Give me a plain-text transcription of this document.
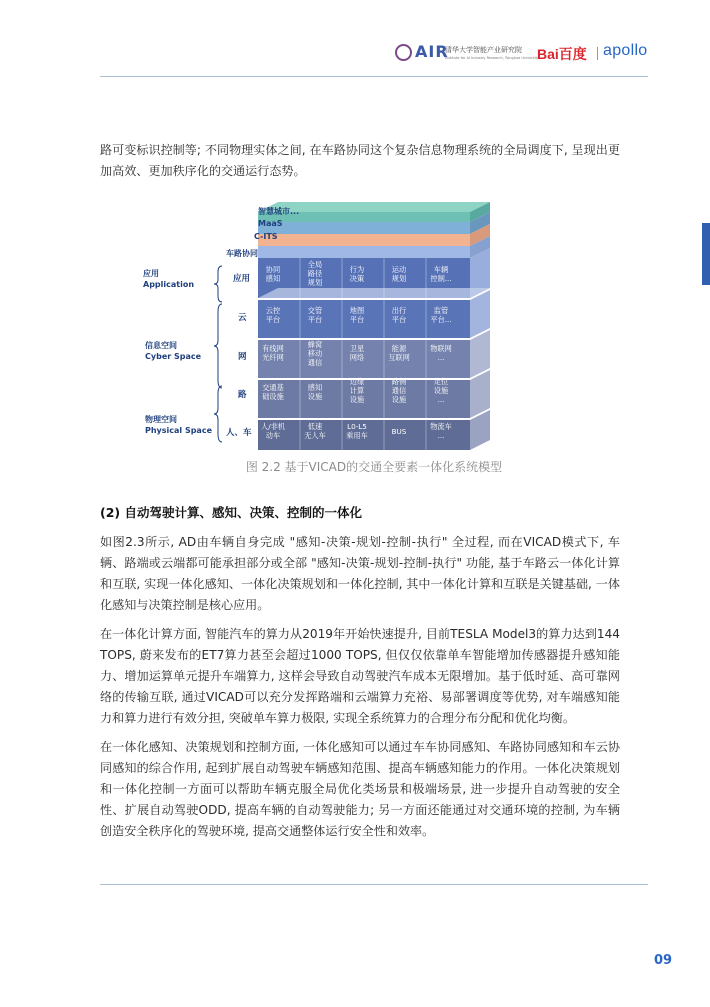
AIR
清华大学智能产业研究院
Institute for AI Industry Research, Tsinghua University
Bai百度 apollo
路可变标识控制等; 不同物理实体之间, 在车路协同这个复杂信息物理系统的全局调度下, 呈现出更加高效、更加秩序化的交通运行态势。
智慧城市...
MaaS
C-ITS
车路协同
应用
Application
信息空间
Cyber Space
物理空间
Physical Space
应用
云
网
路
人、车
协同
感知
全局
路径
规划
行为
决策
运动
规划
车辆
控制...
云控
平台
交管
平台
地图
平台
出行
平台
监管
平台...
有线网
光纤网
蜂窝
移动
通信
卫星
网络
能源
互联网
物联网
...
交通基
础设施
感知
设施
边缘
计算
设施
路侧
通信
设施
定位
设施
...
人/非机
动车
低速
无人车
L0-L5
乘用车	BUS
物流车
...
图 2.2 基于VICAD的交通全要素一体化系统模型
(2) 自动驾驶计算、感知、决策、控制的一体化
如图2.3所示, AD由车辆自身完成 "感知-决策-规划-控制-执行" 全过程, 而在VICAD模式下, 车辆、路端或云端都可能承担部分或全部 "感知-决策-规划-控制-执行" 功能, 基于车路云一体化计算和互联, 实现一体化感知、一体化决策规划和一体化控制, 其中一体化计算和互联是关键基础, 一体化感知与决策控制是核心应用。
在一体化计算方面, 智能汽车的算力从2019年开始快速提升, 目前TESLA Model3的算力达到144 TOPS, 蔚来发布的ET7算力甚至会超过1000 TOPS, 但仅仅依靠单车智能增加传感器提升感知能力、增加运算单元提升车端算力, 这样会导致自动驾驶汽车成本无限增加。基于低时延、高可靠网络的传输互联, 通过VICAD可以充分发挥路端和云端算力充裕、易部署调度等优势, 对车端感知能力和算力进行有效分担, 突破单车算力极限, 实现全系统算力的合理分布分配和优化均衡。
在一体化感知、决策规划和控制方面, 一体化感知可以通过车车协同感知、车路协同感知和车云协同感知的综合作用, 起到扩展自动驾驶车辆感知范围、提高车辆感知能力的作用。一体化决策规划和一体化控制一方面可以帮助车辆克服全局优化类场景和极端场景, 进一步提升自动驾驶的安全性、扩展自动驾驶ODD, 提高车辆的自动驾驶能力; 另一方面还能通过对交通环境的控制, 为车辆创造安全秩序化的驾驶环境, 提高交通整体运行安全性和效率。
09
